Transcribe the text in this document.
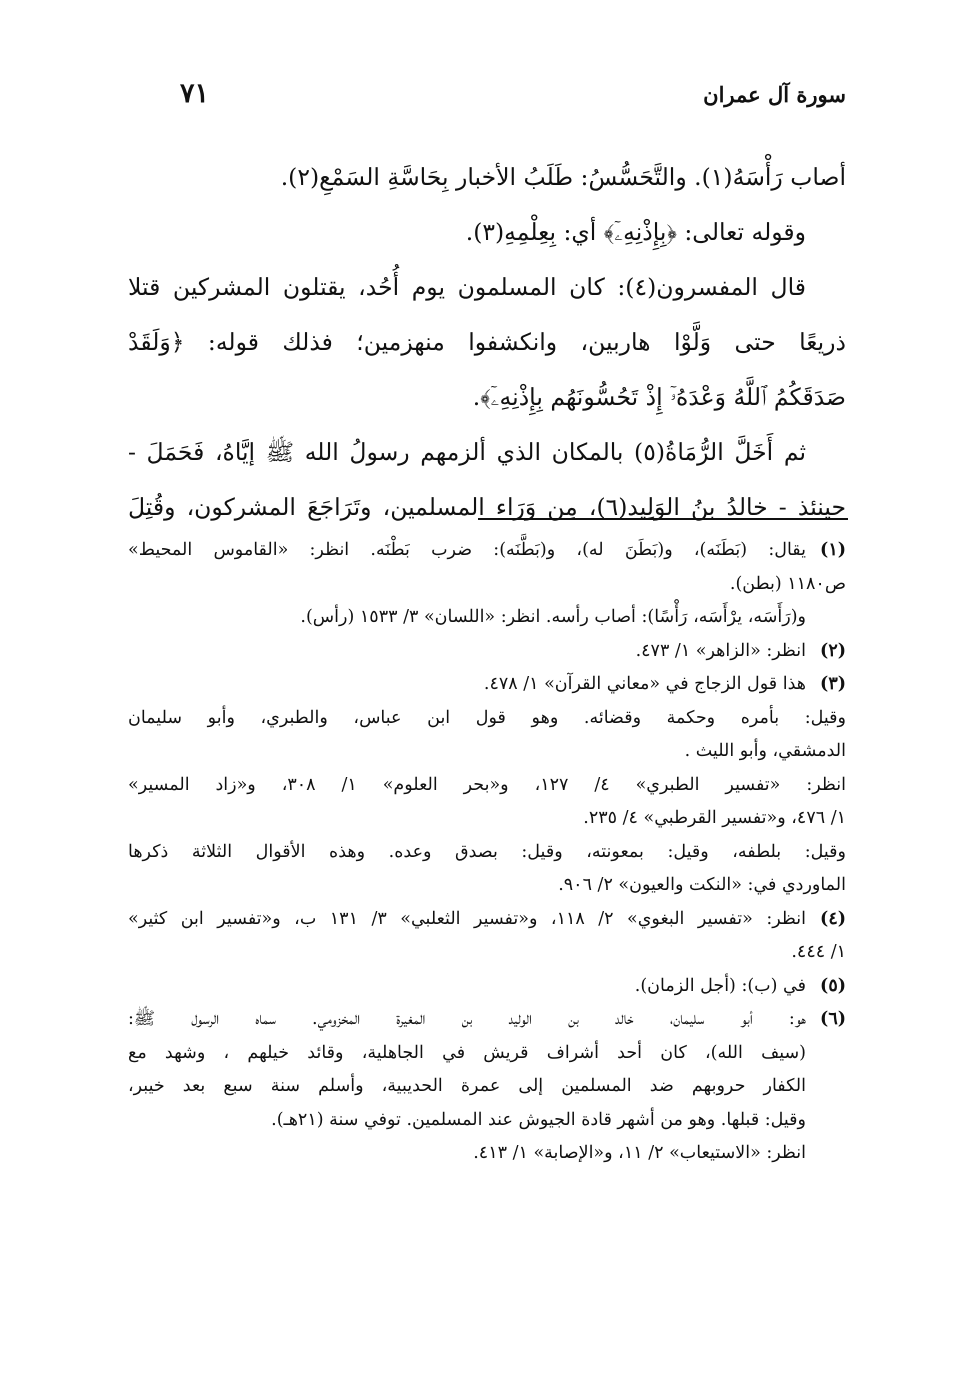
سورة آل عمران
٧١
أصاب رَأْسَهُ(١). والتَّحَسُّسُ: طَلَبُ الأخبار بِحَاسَّةِ السَمْعِ(٢).
وقوله تعالى: ﴿بِإِذْنِهِۦٓ﴾ أي: بِعِلْمِهِ(٣).
قال المفسرون(٤): كان المسلمون يوم أُحُد، يقتلون المشركين قتلا
ذريعًا حتى وَلَّوْا هاربين، وانكشفوا منهزمين؛ فذلك قوله: ﴿وَلَقَدْ
صَدَقَكُمُ ٱللَّهُ وَعْدَهُۥٓ إِذْ تَحُسُّونَهُم بِإِذْنِهِۦٓ﴾.
ثم أَخَلَّ الرُّمَاةُ(٥) بالمكان الذي ألزمهم رسولُ الله ﷺ إيَّاهُ، فَحَمَلَ -
حينئذ - خالدُ بنُ الوَلِيد(٦)، مِن وَرَاء المسلمين، وتَرَاجَعَ المشركون، وقُتِلَ
(١)
يقال: (بَطَنَه)، و(بَطَنَ له)، و(بَطَّنَه): ضرب بَطْنَه. انظر: «القاموس المحيط»
ص١١٨٠ (بطن).
و(رَأَسَه، يرْأَسَه، رَأْسًا): أصاب رأسه. انظر: «اللسان» ٣/ ١٥٣٣ (رأس).
(٢)
انظر: «الزاهر» ١/ ٤٧٣.
(٣)
هذا قول الزجاج في «معاني القرآن» ١/ ٤٧٨.
وقيل: بأمره وحكمة وقضائه. وهو قول ابن عباس، والطبري، وأبو سليمان
الدمشقي، وأبو الليث .
انظر: «تفسير الطبري» ٤/ ١٢٧، و«بحر العلوم» ١/ ٣٠٨، و«زاد المسير»
١/ ٤٧٦، و«تفسير القرطبي» ٤/ ٢٣٥.
وقيل: بلطفه، وقيل: بمعونته، وقيل: بصدق وعده. وهذه الأقوال الثلاثة ذكرها
الماوردي في: «النكت والعيون» ٢/ ٩٠٦.
(٤)
انظر: «تفسير البغوي» ٢/ ١١٨، و«تفسير الثعلبي» ٣/ ١٣١ ب، و«تفسير ابن كثير»
١/ ٤٤٤.
(٥)
في (ب): (أجل الزمان).
(٦)
هو: أبو سليمان، خالد بن الوليد بن المغيرة المخزومي. سماه الرسول ﷺ:
(سيف الله)، كان أحد أشراف قريش في الجاهلية، وقائد خيلهم ، وشهد مع
الكفار حروبهم ضد المسلمين إلى عمرة الحديبية، وأسلم سنة سبع بعد خيبر،
وقيل: قبلها. وهو من أشهر قادة الجيوش عند المسلمين. توفي سنة (٢١هـ).
انظر: «الاستيعاب» ٢/ ١١، و«الإصابة» ١/ ٤١٣.
